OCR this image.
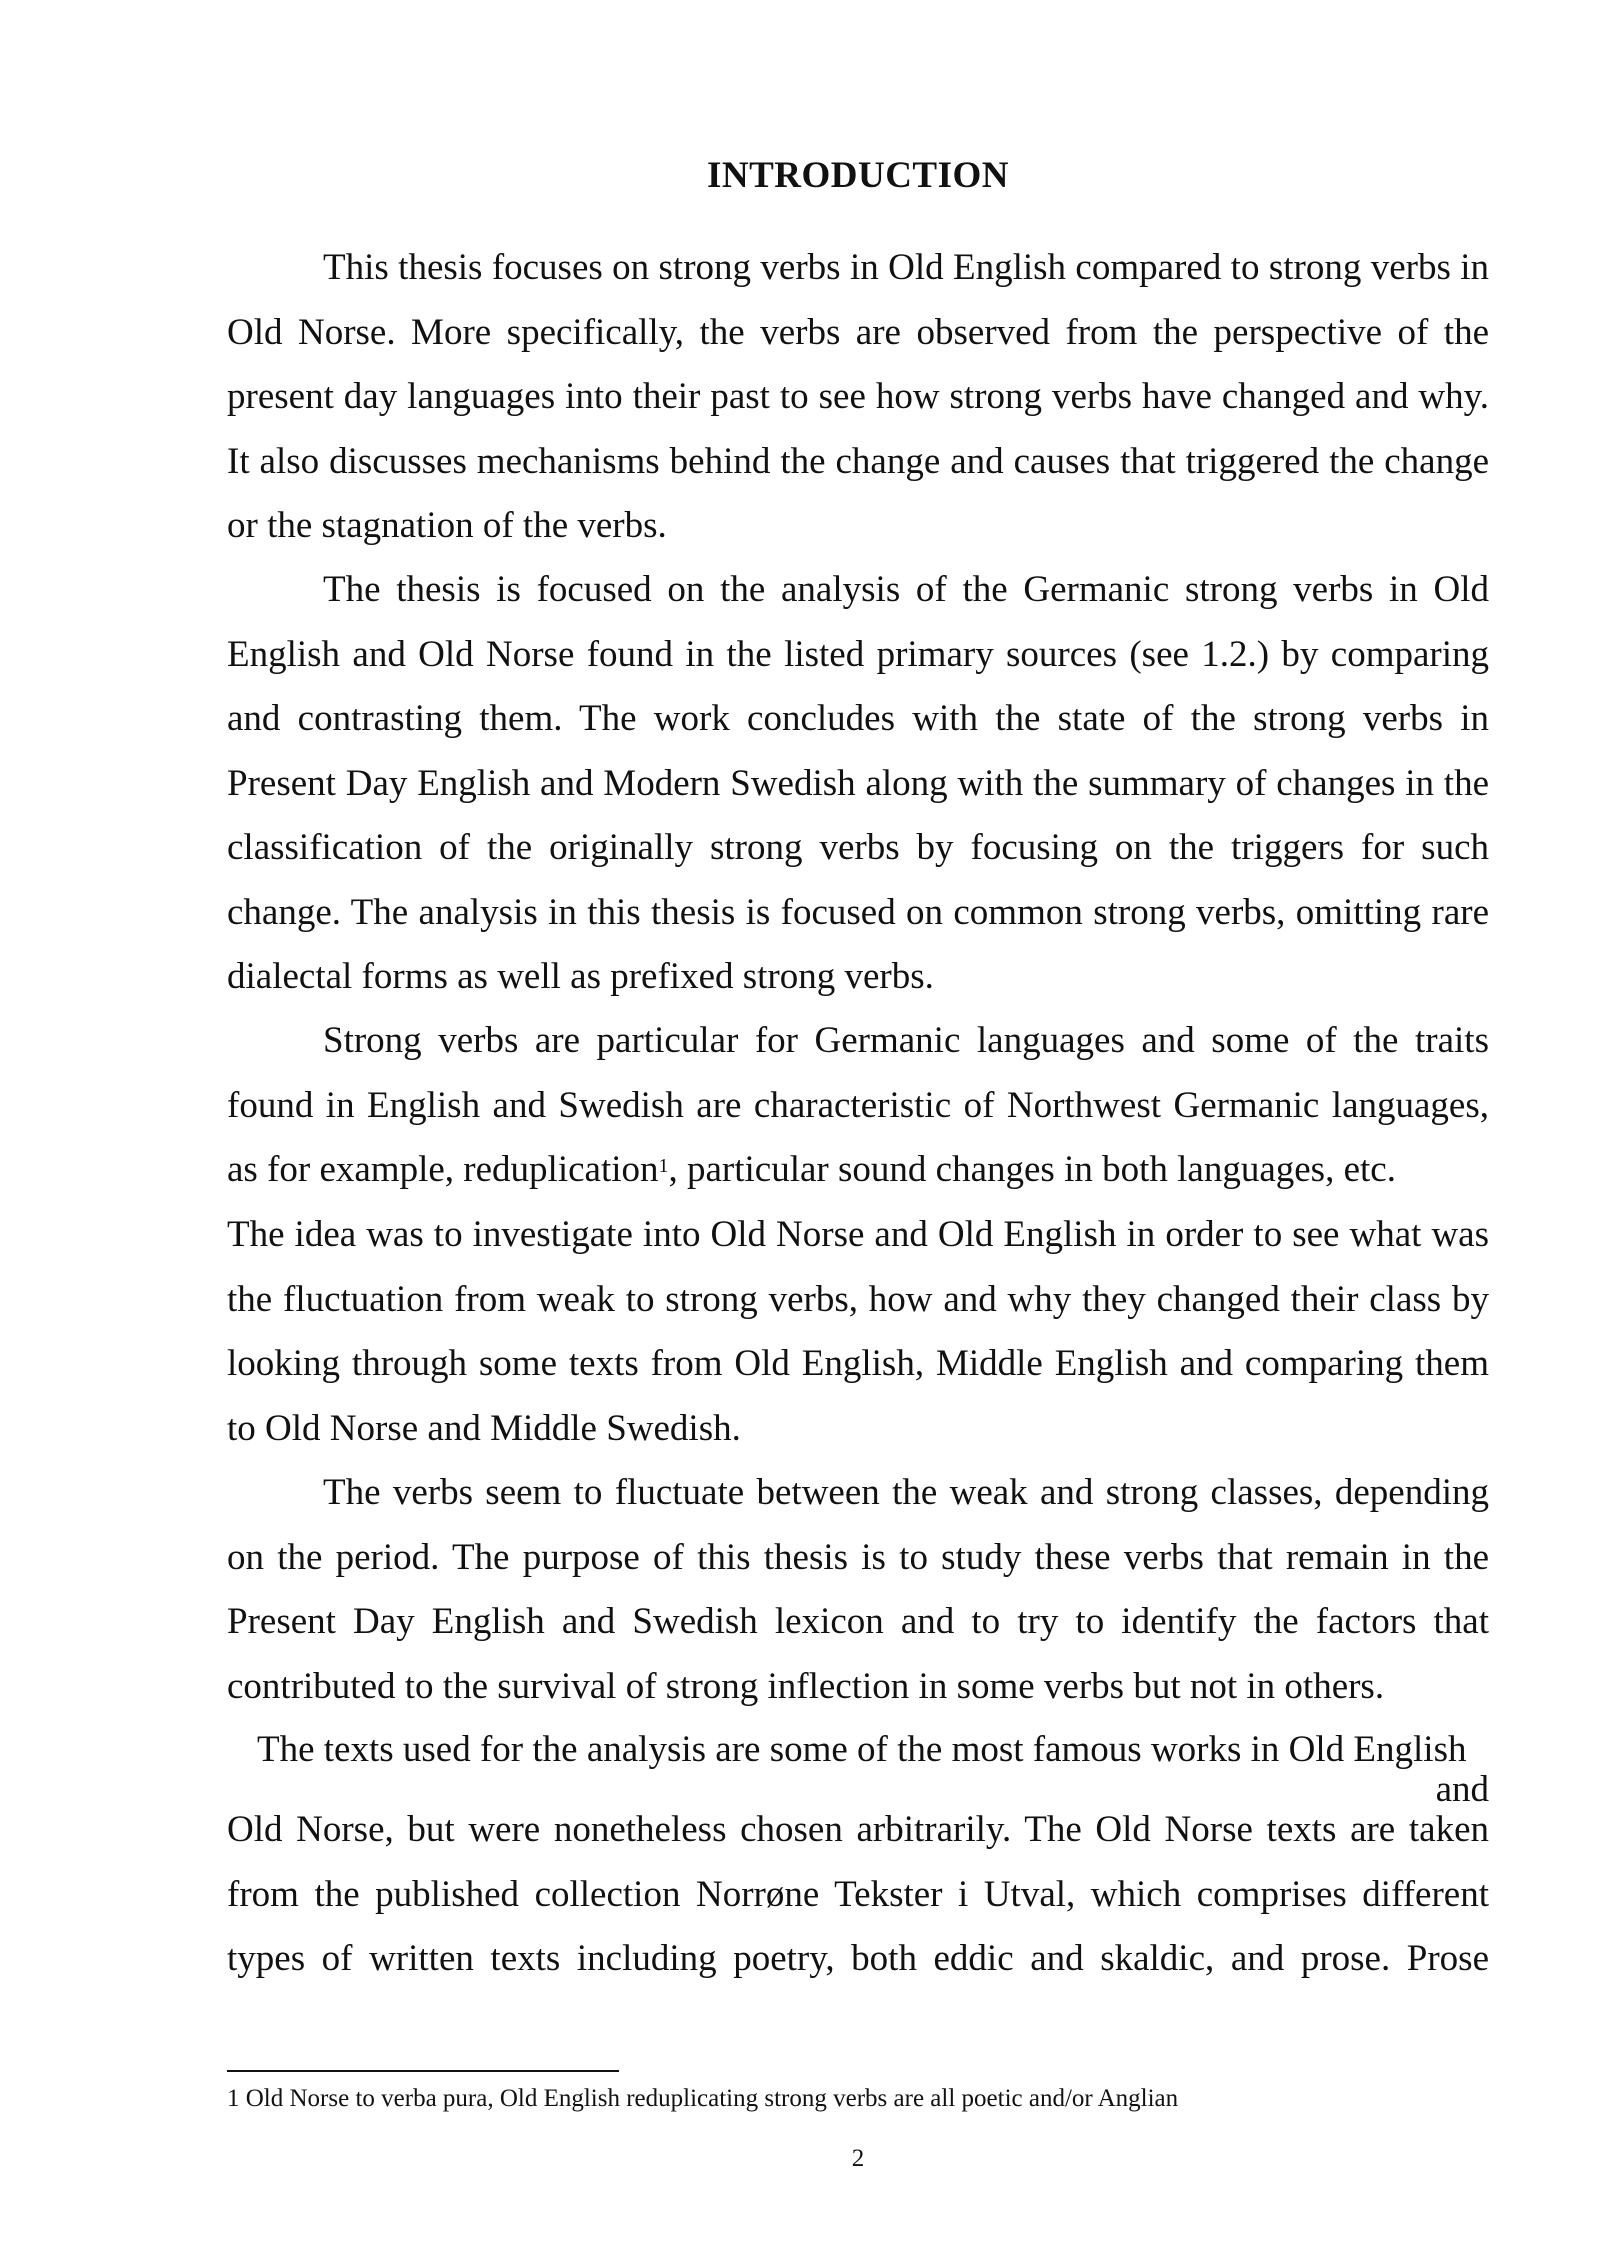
INTRODUCTION

This thesis focuses on strong verbs in Old English compared to strong verbs in Old Norse. More specifically, the verbs are observed from the perspective of the present day languages into their past to see how strong verbs have changed and why. It also discusses mechanisms behind the change and causes that triggered the change or the stagnation of the verbs.

The thesis is focused on the analysis of the Germanic strong verbs in Old English and Old Norse found in the listed primary sources (see 1.2.) by comparing and contrasting them. The work concludes with the state of the strong verbs in Present Day English and Modern Swedish along with the summary of changes in the classification of the originally strong verbs by focusing on the triggers for such change. The analysis in this thesis is focused on common strong verbs, omitting rare dialectal forms as well as prefixed strong verbs.

Strong verbs are particular for Germanic languages and some of the traits found in English and Swedish are characteristic of Northwest Germanic languages, as for example, reduplication$^1$, particular sound changes in both languages, etc.

The idea was to investigate into Old Norse and Old English in order to see what was the fluctuation from weak to strong verbs, how and why they changed their class by looking through some texts from Old English, Middle English and comparing them to Old Norse and Middle Swedish.

The verbs seem to fluctuate between the weak and strong classes, depending on the period. The purpose of this thesis is to study these verbs that remain in the Present Day English and Swedish lexicon and to try to identify the factors that contributed to the survival of strong inflection in some verbs but not in others.

The texts used for the analysis are some of the most famous works in Old English

and

Old Norse, but were nonetheless chosen arbitrarily. The Old Norse texts are taken from the published collection Norrøne Tekster i Utval, which comprises different types of written texts including poetry, both eddic and skaldic, and prose. Prose

1 Old Norse to verba pura, Old English reduplicating strong verbs are all poetic and/or Anglian
2
